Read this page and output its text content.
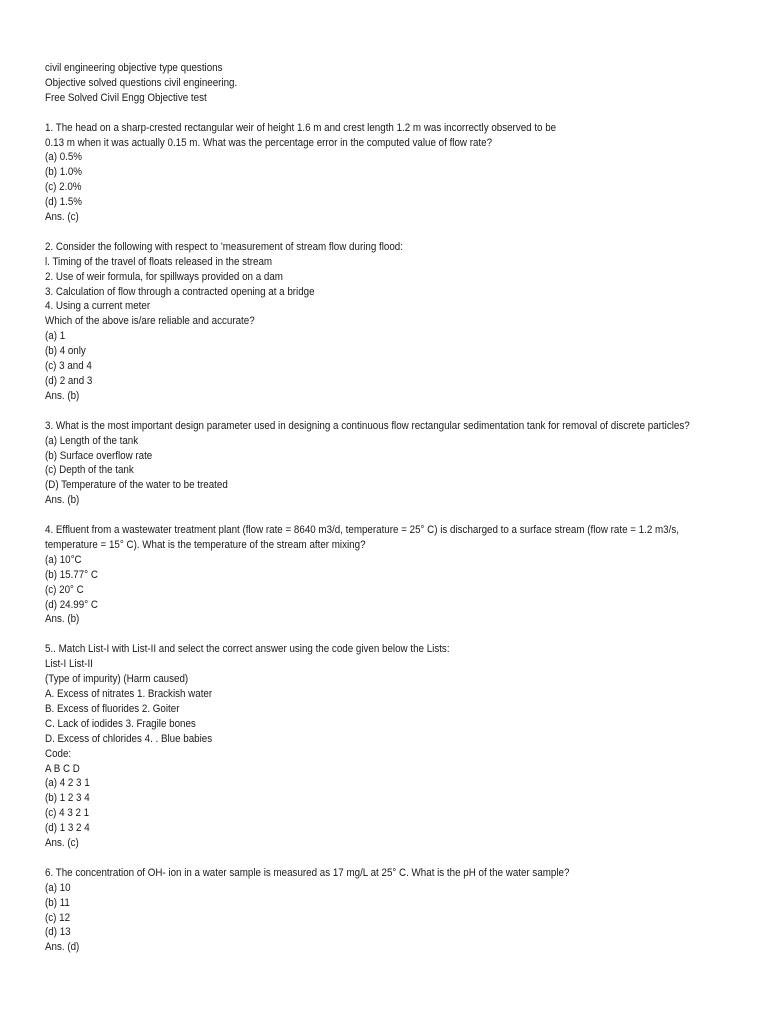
civil engineering objective type questions
Objective solved questions civil engineering.
Free Solved Civil Engg Objective test
1. The head on a sharp-crested rectangular weir of height 1.6 m and crest length 1.2 m was incorrectly observed to be
0.13 m when it was actually 0.15 m. What was the percentage error in the computed value of flow rate?
(a) 0.5%
(b) 1.0%
(c) 2.0%
(d) 1.5%
Ans. (c)
2. Consider the following with respect to 'measurement of stream flow during flood:
l. Timing of the travel of floats released in the stream
2. Use of weir formula, for spillways provided on a dam
3. Calculation of flow through a contracted opening at a bridge
4. Using a current meter
Which of the above is/are reliable and accurate?
(a) 1
(b) 4 only
(c) 3 and 4
(d) 2 and 3
Ans. (b)
3. What is the most important design parameter used in designing a continuous flow rectangular sedimentation tank for removal of discrete particles?
(a) Length of the tank
(b) Surface overflow rate
(c) Depth of the tank
(D) Temperature of the water to be treated
Ans. (b)
4. Effluent from a wastewater treatment plant (flow rate = 8640 m3/d, temperature = 25° C) is discharged to a surface stream (flow rate = 1.2 m3/s,
temperature = 15° C). What is the temperature of the stream after mixing?
(a) 10°C
(b) 15.77° C
(c) 20° C
(d) 24.99° C
Ans. (b)
5.. Match List-I with List-II and select the correct answer using the code given below the Lists:
List-I List-II
(Type of impurity) (Harm caused)
A. Excess of nitrates 1. Brackish water
B. Excess of fluorides 2. Goiter
C. Lack of iodides 3. Fragile bones
D. Excess of chlorides 4. . Blue babies
Code:
A B C D
(a) 4 2 3 1
(b) 1 2 3 4
(c) 4 3 2 1
(d) 1 3 2 4
Ans. (c)
6. The concentration of OH- ion in a water sample is measured as 17 mg/L at 25° C. What is the pH of the water sample?
(a) 10
(b) 11
(c) 12
(d) 13
Ans. (d)
